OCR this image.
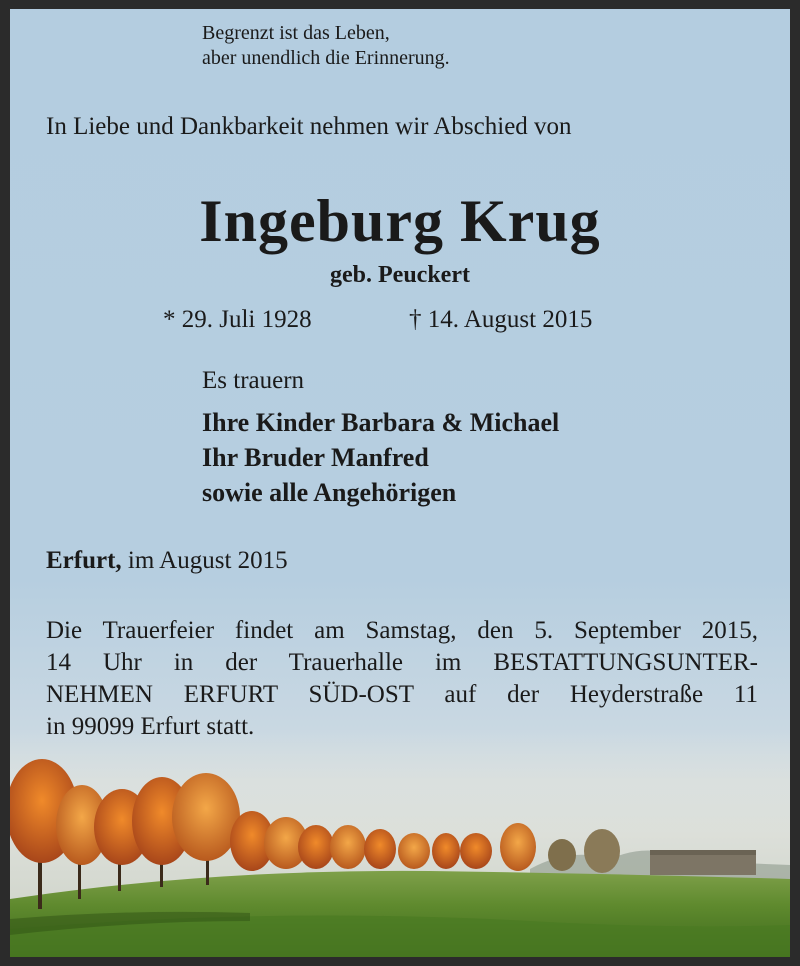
Begrenzt ist das Leben,
aber unendlich die Erinnerung.
In Liebe und Dankbarkeit nehmen wir Abschied von
Ingeburg Krug
geb. Peuckert
* 29. Juli 1928	† 14. August 2015
Es trauern
Ihre Kinder Barbara & Michael
Ihr Bruder Manfred
sowie alle Angehörigen
Erfurt, im August 2015
Die Trauerfeier findet am Samstag, den 5. September 2015,
14 Uhr in der Trauerhalle im BESTATTUNGSUNTER-
NEHMEN ERFURT SÜD-OST auf der Heyderstraße 11
in 99099 Erfurt statt.
